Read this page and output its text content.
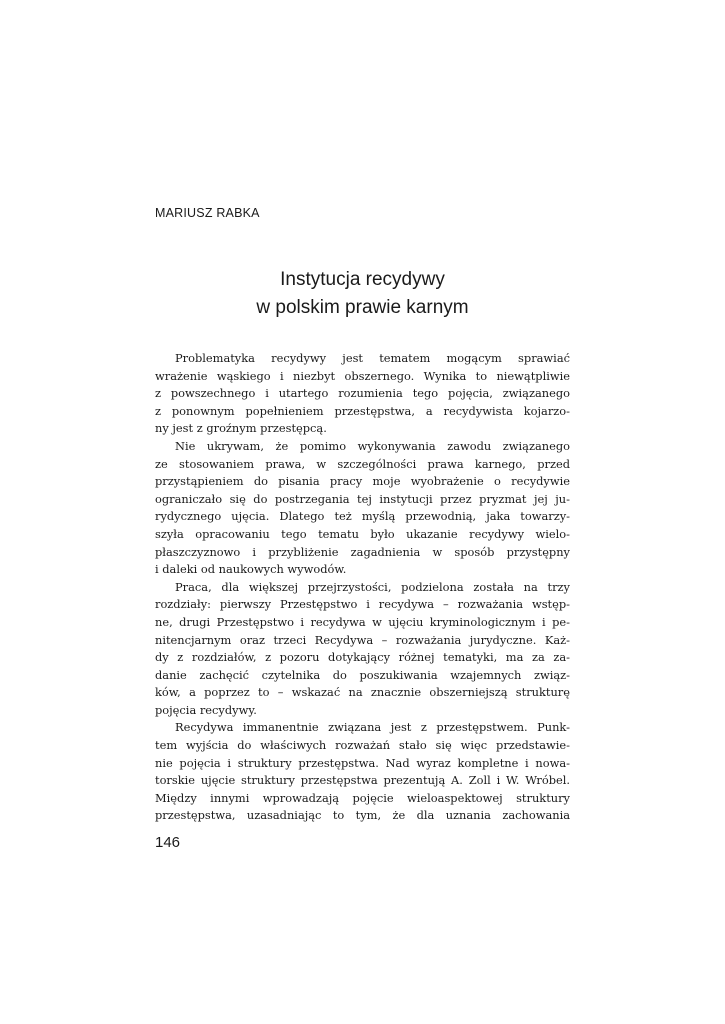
MARIUSZ RABKA
Instytucja recydywy
w polskim prawie karnym
Problematyka recydywy jest tematem mogącym sprawiać
wrażenie wąskiego i niezbyt obszernego. Wynika to niewątpliwie
z powszechnego i utartego rozumienia tego pojęcia, związanego
z ponownym popełnieniem przestępstwa, a recydywista kojarzo-
ny jest z groźnym przestępcą.
Nie ukrywam, że pomimo wykonywania zawodu związanego
ze stosowaniem prawa, w szczególności prawa karnego, przed
przystąpieniem do pisania pracy moje wyobrażenie o recydywie
ograniczało się do postrzegania tej instytucji przez pryzmat jej ju-
rydycznego ujęcia. Dlatego też myślą przewodnią, jaka towarzy-
szyła opracowaniu tego tematu było ukazanie recydywy wielo-
płaszczyznowo i przybliżenie zagadnienia w sposób przystępny
i daleki od naukowych wywodów.
Praca, dla większej przejrzystości, podzielona została na trzy
rozdziały: pierwszy Przestępstwo i recydywa – rozważania wstęp-
ne, drugi Przestępstwo i recydywa w ujęciu kryminologicznym i pe-
nitencjarnym oraz trzeci Recydywa – rozważania jurydyczne. Każ-
dy z rozdziałów, z pozoru dotykający różnej tematyki, ma za za-
danie zachęcić czytelnika do poszukiwania wzajemnych związ-
ków, a poprzez to – wskazać na znacznie obszerniejszą strukturę
pojęcia recydywy.
Recydywa immanentnie związana jest z przestępstwem. Punk-
tem wyjścia do właściwych rozważań stało się więc przedstawie-
nie pojęcia i struktury przestępstwa. Nad wyraz kompletne i nowa-
torskie ujęcie struktury przestępstwa prezentują A. Zoll i W. Wróbel.
Między innymi wprowadzają pojęcie wieloaspektowej struktury
przestępstwa, uzasadniając to tym, że dla uznania zachowania
146
